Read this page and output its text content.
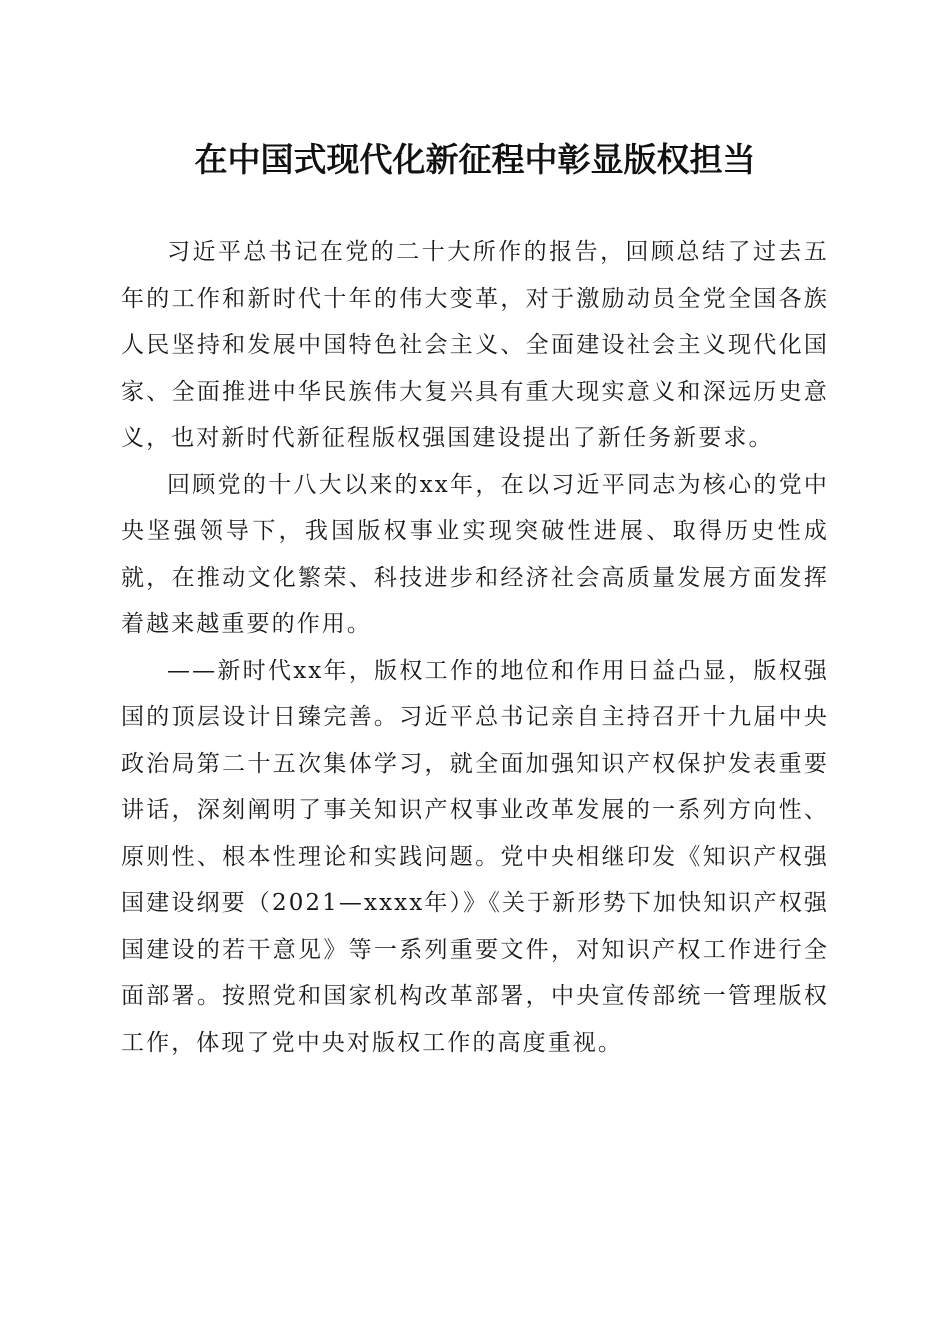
在中国式现代化新征程中彰显版权担当

习近平总书记在党的二十大所作的报告，回顾总结了过去五年的工作和新时代十年的伟大变革，对于激励动员全党全国各族人民坚持和发展中国特色社会主义、全面建设社会主义现代化国家、全面推进中华民族伟大复兴具有重大现实意义和深远历史意义，也对新时代新征程版权强国建设提出了新任务新要求。

回顾党的十八大以来的xx年，在以习近平同志为核心的党中央坚强领导下，我国版权事业实现突破性进展、取得历史性成就，在推动文化繁荣、科技进步和经济社会高质量发展方面发挥着越来越重要的作用。

——新时代xx年，版权工作的地位和作用日益凸显，版权强国的顶层设计日臻完善。习近平总书记亲自主持召开十九届中央政治局第二十五次集体学习，就全面加强知识产权保护发表重要讲话，深刻阐明了事关知识产权事业改革发展的一系列方向性、原则性、根本性理论和实践问题。党中央相继印发《知识产权强国建设纲要（2021—xxxx年）》《关于新形势下加快知识产权强国建设的若干意见》等一系列重要文件，对知识产权工作进行全面部署。按照党和国家机构改革部署，中央宣传部统一管理版权工作，体现了党中央对版权工作的高度重视。
